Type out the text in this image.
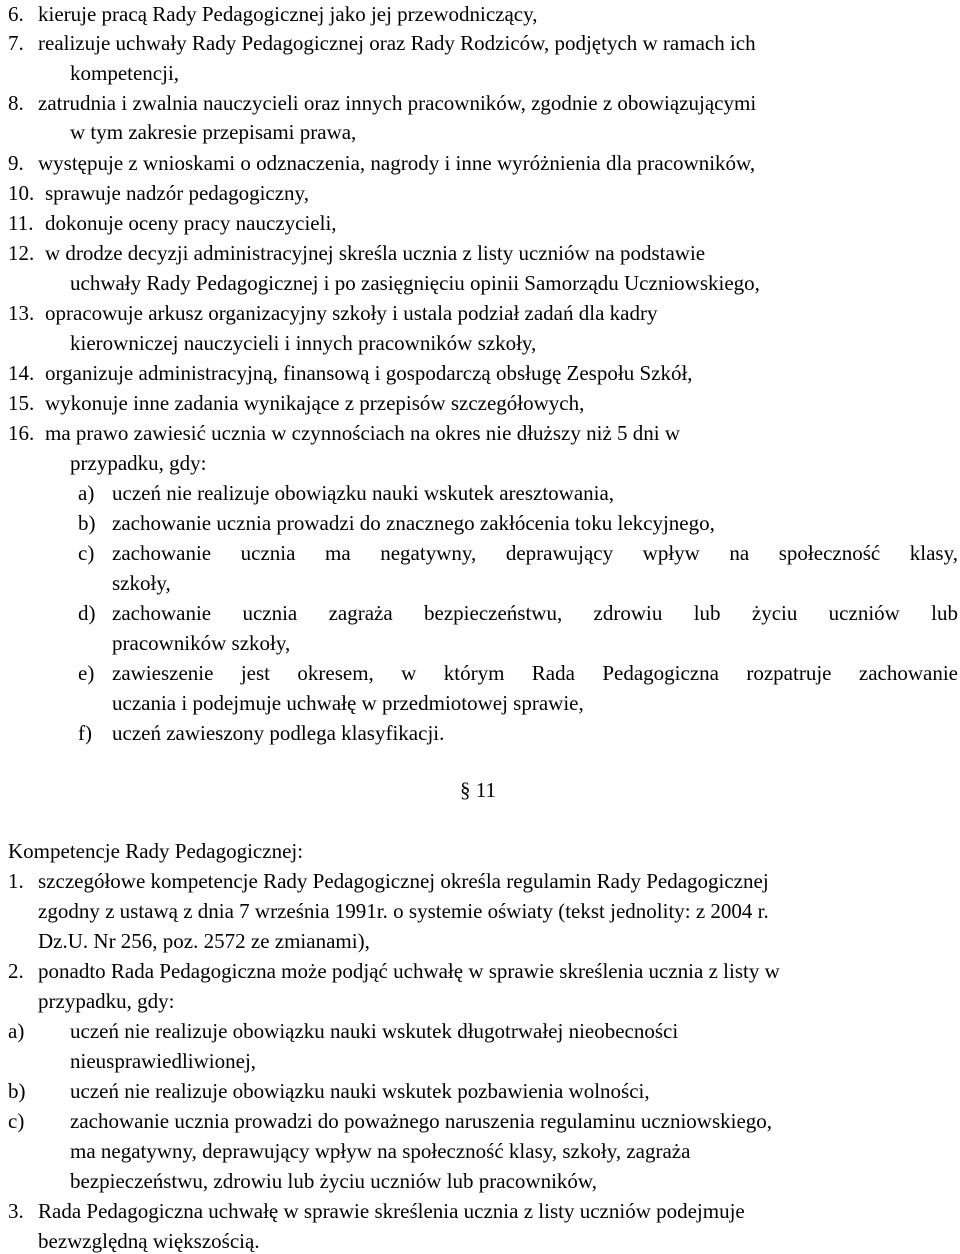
6. kieruje pracą Rady Pedagogicznej jako jej przewodniczący,
7. realizuje uchwały Rady Pedagogicznej oraz Rady Rodziców, podjętych w ramach ich
kompetencji,
8. zatrudnia i zwalnia nauczycieli oraz innych pracowników, zgodnie z obowiązującymi
w tym zakresie przepisami prawa,
9. występuje z wnioskami o odznaczenia, nagrody i inne wyróżnienia dla pracowników,
10. sprawuje nadzór pedagogiczny,
11. dokonuje oceny pracy nauczycieli,
12. w drodze decyzji administracyjnej skreśla ucznia z listy uczniów na podstawie
uchwały Rady Pedagogicznej i po zasięgnięciu opinii Samorządu Uczniowskiego,
13. opracowuje arkusz organizacyjny szkoły i ustala podział zadań dla kadry
kierowniczej nauczycieli i innych pracowników szkoły,
14. organizuje administracyjną, finansową i gospodarczą obsługę Zespołu Szkół,
15. wykonuje inne zadania wynikające z przepisów szczegółowych,
16. ma prawo zawiesić ucznia w czynnościach na okres nie dłuższy niż 5 dni w
przypadku, gdy:
a) uczeń nie realizuje obowiązku nauki wskutek aresztowania,
b) zachowanie ucznia prowadzi do znacznego zakłócenia toku lekcyjnego,
c) zachowanie ucznia ma negatywny, deprawujący wpływ na społeczność klasy,
szkoły,
d) zachowanie ucznia zagraża bezpieczeństwu, zdrowiu lub życiu uczniów lub
pracowników szkoły,
e) zawieszenie jest okresem, w którym Rada Pedagogiczna rozpatruje zachowanie
uczania i podejmuje uchwałę w przedmiotowej sprawie,
f) uczeń zawieszony podlega klasyfikacji.
§ 11
Kompetencje Rady Pedagogicznej:
1. szczegółowe kompetencje Rady Pedagogicznej określa regulamin Rady Pedagogicznej
zgodny z ustawą z dnia 7 września 1991r. o systemie oświaty (tekst jednolity: z 2004 r.
Dz.U. Nr 256, poz. 2572 ze zmianami),
2. ponadto Rada Pedagogiczna może podjąć uchwałę w sprawie skreślenia ucznia z listy w
przypadku, gdy:
a) uczeń nie realizuje obowiązku nauki wskutek długotrwałej nieobecności
nieusprawiedliwionej,
b) uczeń nie realizuje obowiązku nauki wskutek pozbawienia wolności,
c) zachowanie ucznia prowadzi do poważnego naruszenia regulaminu uczniowskiego,
ma negatywny, deprawujący wpływ na społeczność klasy, szkoły, zagraża
bezpieczeństwu, zdrowiu lub życiu uczniów lub pracowników,
3. Rada Pedagogiczna uchwałę w sprawie skreślenia ucznia z listy uczniów podejmuje
bezwzględną większością.
